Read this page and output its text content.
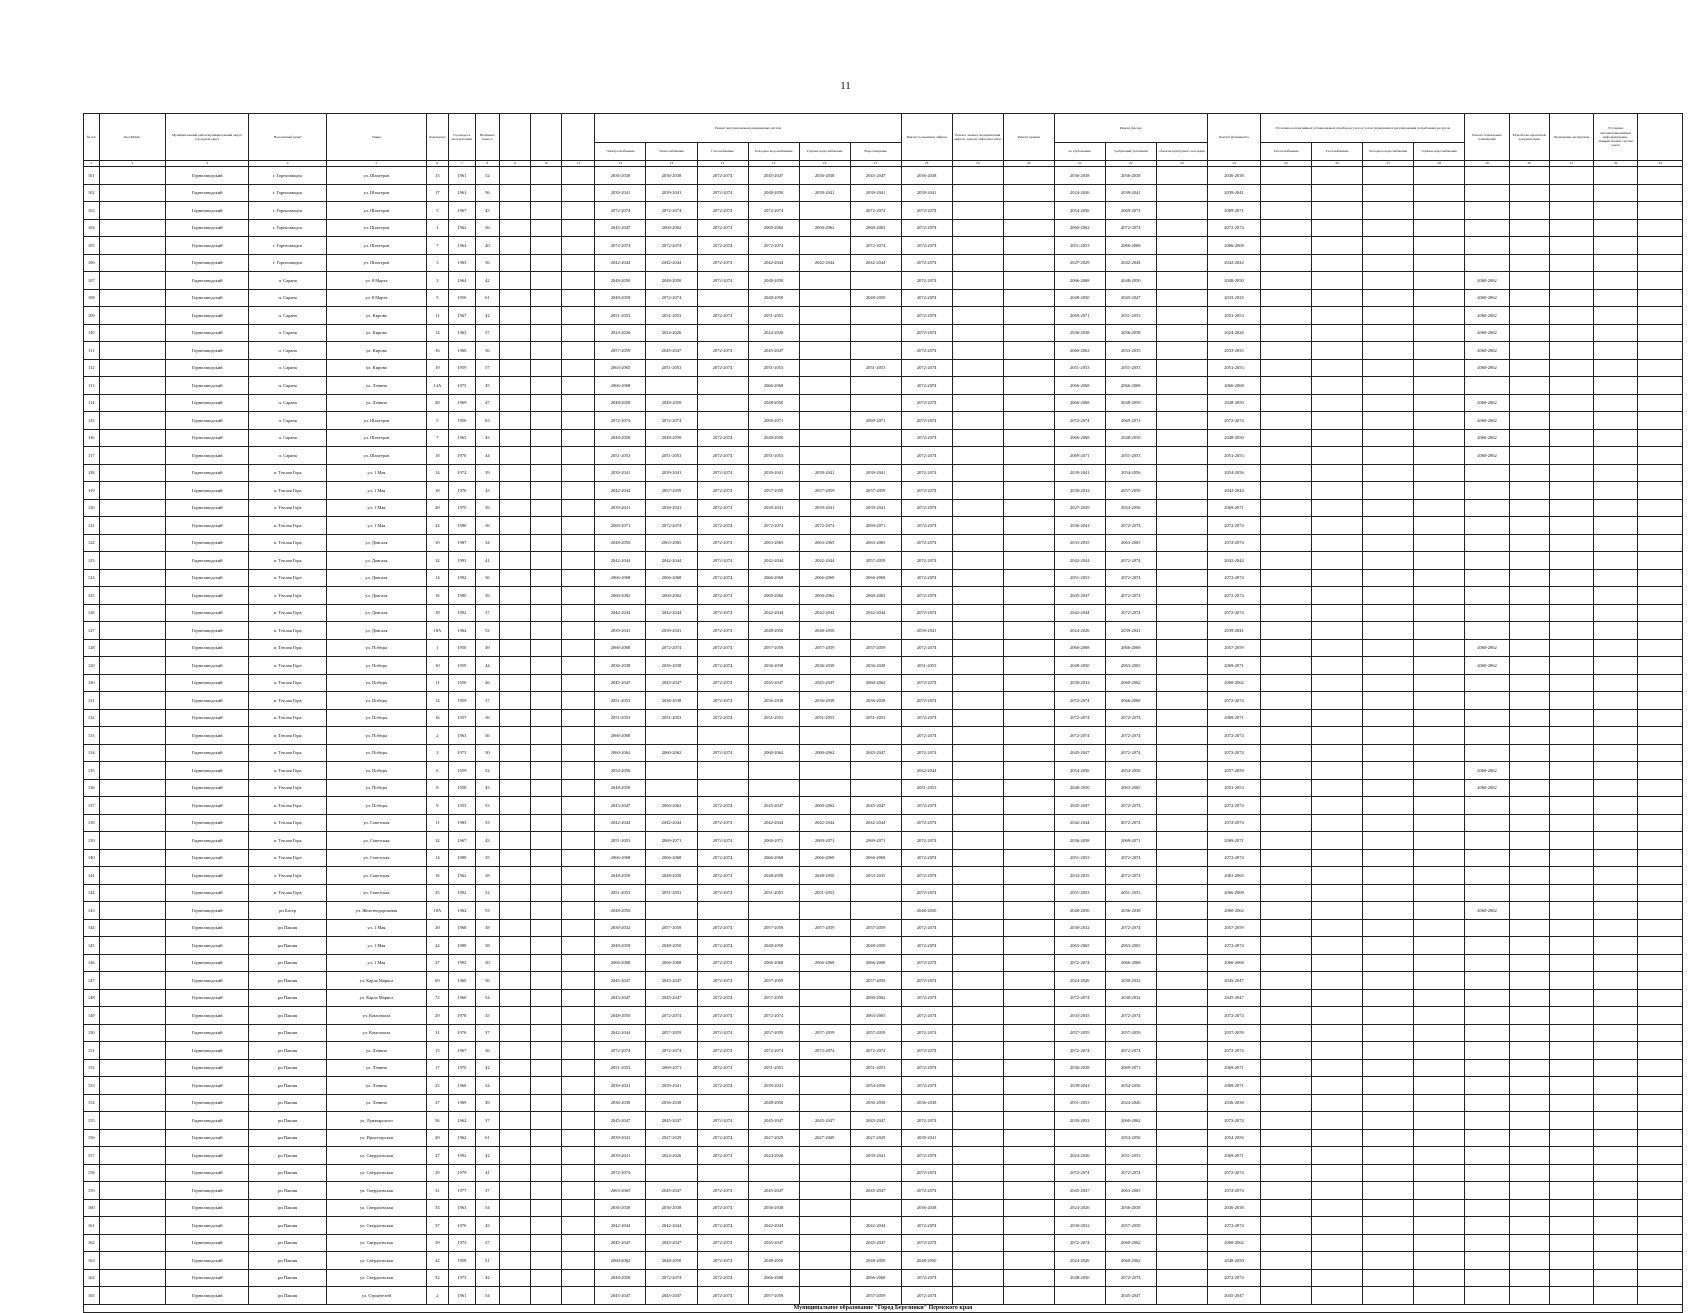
11
№ п/п	Код ФИАС	Муниципальный район/муниципальный округ/городской округ	Населенный пункт	Улица	Дом/корпус	Год ввода в эксплуатацию	Величина износа				Ремонт внутридомовых инженерных систем						Ремонт подъемных лифтов	Ремонт, замена, модернизация лифтов, ремонт лифтовых шахт	Ремонт крыши	Ремонт фасада			Ремонт фундамента	Установка коллективных (общедомовых) приборов учета и узлов управления и регулирования потребления ресурсов				Ремонт подвальных помещений	Разработка проектной документации	Проведение экспертизы	Установка автоматизированных информационно-измерительных систем учета	
											Электроснабжение	Теплоснабжение	Газоснабжение	Холодное водоснабжение	Горячее водоснабжение	Водоотведение				по требованию	требующий утепления	объекты культурного наследия		Теплоснабжение	Газоснабжение	Холодное водоснабжение	Горячее водоснабжение					
1	2	3	4	5	6	7	8	9	10	11	12	13	14	15	16	17	18	19	20	21	22	23	24	25	26	27	28	29	30	31	32	33
101		Горнозаводский	г. Горнозаводск	ул. Шахтеров	15	1961	52				2036-2038	2036-2038	2072-2074	2045-2047	2036-2038	2045-2047	2036-2038			2036-2038	2036-2038		2036-2038									
102		Горнозаводский	г. Горнозаводск	ул. Шахтеров	17	1961	56				2039-2041	2039-2041	2072-2074	2048-2050	2039-2041	2039-2041	2039-2041			2024-2026	2039-2041		2039-2041									
103		Горнозаводский	г. Горнозаводск	ул. Шахтеров	5	1967	45				2072-2074	2072-2074	2072-2074	2072-2074		2072-2074	2072-2074			2054-2056	2069-2071		2069-2071									
104		Горнозаводский	г. Горнозаводск	ул. Шахтеров	1	1962	36				2045-2047	2060-2062	2072-2074	2060-2062	2060-2062	2060-2062	2072-2074			2060-2062	2072-2074		2072-2074									
105		Горнозаводский	г. Горнозаводск	ул. Шахтеров	7	1964	40				2072-2074	2072-2074	2072-2074	2072-2074		2072-2074	2072-2074			2051-2053	2066-2068		2066-2068									
106		Горнозаводский	г. Горнозаводск	ул. Шахтеров	3	1963	56				2042-2044	2042-2044	2072-2074	2042-2044	2042-2044	2042-2044	2072-2074			2027-2029	2042-2044		2042-2044									
107		Горнозаводский	п. Сарана	ул. 8 Марта	3	1964	42				2048-2050	2048-2050	2072-2074	2048-2050			2072-2074			2066-2068	2048-2050		2048-2050					2060-2062				
108		Горнозаводский	п. Сарана	ул. 8 Марта	5	1956	61				2048-2050	2072-2074		2048-2050		2048-2050	2072-2074			2048-2050	2045-2047		2033-2035					2060-2062				
109		Горнозаводский	п. Сарана	ул. Кирова	11	1967	42				2051-2053	2051-2053	2072-2074	2051-2053			2072-2074			2069-2071	2051-2053		2051-2053					2060-2062				
110		Горнозаводский	п. Сарана	ул. Кирова	14	1963	57				2024-2026	2024-2026		2024-2026			2072-2074			2036-2038	2036-2038		2024-2026					2060-2062				
111		Горнозаводский	п. Сарана	ул. Кирова	16	1960	56				2057-2059	2045-2047	2072-2074	2045-2047			2072-2074			2060-2062	2033-2035		2033-2035					2060-2062				
112		Горнозаводский	п. Сарана	ул. Кирова	19	1959	57				2063-2065	2051-2053	2072-2074	2051-2053		2051-2053	2072-2074			2051-2053	2051-2053		2051-2053					2060-2062				
113		Горнозаводский	п. Сарана	ул. Ленина	14А	1975	45				2066-2068			2066-2068			2072-2074			2066-2068	2066-2068		2066-2068									
114		Горнозаводский	п. Сарана	ул. Ленина	20	1969	47				2048-2050	2048-2050		2048-2050			2072-2074			2066-2068	2048-2050		2048-2050					2060-2062				
115		Горнозаводский	п. Сарана	ул. Шахтеров	5	1956	63				2072-2074	2072-2074		2069-2071		2069-2071	2072-2074			2072-2074	2069-2071		2072-2074					2060-2062				
116		Горнозаводский	п. Сарана	ул. Шахтеров	7	1965	43				2048-2050	2048-2050	2072-2074	2048-2050			2072-2074			2066-2068	2048-2050		2048-2050					2060-2062				
117		Горнозаводский	п. Сарана	ул. Шахтеров	18	1970	44				2051-2053	2051-2053	2072-2074	2051-2053			2072-2074			2069-2071	2051-2053		2051-2053					2060-2062				
118		Горнозаводский	п. Теплая Гора	ул. 1 Мая	14	1972	39				2039-2041	2039-2041	2072-2074	2039-2041	2039-2041	2039-2041	2072-2074			2039-2041	2054-2056		2054-2056									
119		Горнозаводский	п. Теплая Гора	ул. 1 Мая	18	1976	43				2042-2044	2057-2059	2072-2074	2057-2059	2057-2059	2057-2059	2072-2074			2030-2032	2057-2059		2042-2044									
120		Горнозаводский	п. Теплая Гора	ул. 1 Мая	20	1979	39				2039-2041	2039-2041	2072-2074	2039-2041	2039-2041	2039-2041	2072-2074			2027-2029	2054-2056		2069-2071									
121		Горнозаводский	п. Теплая Гора	ул. 1 Мая	24	1990	36				2069-2071	2072-2074	2072-2074	2072-2074	2072-2074	2069-2071	2072-2074			2036-2041	2072-2074		2072-2074									
122		Горнозаводский	п. Теплая Гора	ул. Довгаля	10	1987	34				2048-2050	2063-2065	2072-2074	2063-2065	2063-2065	2063-2065	2072-2074			2033-2035	2063-2065		2072-2074									
123		Горнозаводский	п. Теплая Гора	ул. Довгаля	12	1993	41				2042-2044	2042-2044	2072-2074	2042-2044	2042-2044	2057-2059	2072-2074			2042-2044	2072-2074		2042-2044									
124		Горнозаводский	п. Теплая Гора	ул. Довгаля	14	1992	36				2066-2068	2066-2068	2072-2074	2066-2068	2066-2068	2066-2068	2072-2074			2051-2053	2072-2074		2072-2074									
125		Горнозаводский	п. Теплая Гора	ул. Довгаля	16	1989	39				2060-2062	2060-2062	2072-2074	2060-2062	2060-2062	2060-2062	2072-2074			2045-2047	2072-2074		2072-2074									
126		Горнозаводский	п. Теплая Гора	ул. Довгаля	18	1992	37				2042-2044	2042-2044	2072-2074	2042-2044	2042-2044	2042-2044	2072-2074			2042-2044	2072-2074		2072-2074									
127		Горнозаводский	п. Теплая Гора	ул. Довгаля	18А	1964	52				2039-2041	2039-2041	2072-2074	2048-2050	2048-2050		2039-2041			2024-2026	2039-2041		2039-2041									
128		Горнозаводский	п. Теплая Гора	ул. Победы	1	1950	49				2066-2068	2072-2074	2072-2074	2057-2059	2057-2059	2057-2059	2072-2074			2066-2068	2066-2068		2057-2059					2060-2062				
129		Горнозаводский	п. Теплая Гора	ул. Победы	10	1959	44				2036-2038	2036-2038	2072-2074	2036-2038	2036-2038	2036-2038	2051-2053			2048-2050	2063-2065		2069-2071					2060-2062				
130		Горнозаводский	п. Теплая Гора	ул. Победы	11	1956	26				2045-2047	2045-2047	2072-2074	2045-2047	2045-2047	2060-2062	2072-2074			2030-2032	2060-2062		2060-2062									
131		Горнозаводский	п. Теплая Гора	ул. Победы	14	1959	37				2051-2053	2036-2038	2072-2074	2036-2038	2036-2038	2036-2038	2072-2074			2072-2074	2066-2068		2072-2074									
132		Горнозаводский	п. Теплая Гора	ул. Победы	16	1957	36				2051-2053	2051-2053	2072-2074	2051-2053	2051-2053	2051-2053	2072-2074			2072-2074	2072-2074		2069-2071									
133		Горнозаводский	п. Теплая Гора	ул. Победы	2	1963	36				2066-2068						2072-2074			2072-2074	2072-2074		2072-2074									
134		Горнозаводский	п. Теплая Гора	ул. Победы	3	1973	30				2060-2062	2060-2062	2072-2074	2060-2062	2060-2062	2045-2047	2072-2074			2045-2047	2072-2074		2072-2074									
135		Горнозаводский	п. Теплая Гора	ул. Победы	6	1959	52				2054-2056						2042-2044			2054-2056	2054-2056		2057-2059					2060-2062				
136		Горнозаводский	п. Теплая Гора	ул. Победы	8	1958	45				2048-2050						2051-2053			2048-2050	2063-2065		2051-2053					2060-2062				
137		Горнозаводский	п. Теплая Гора	ул. Победы	9	1953	33				2045-2047	2060-2062	2072-2074	2045-2047	2060-2062	2045-2047	2072-2074			2045-2047	2072-2074		2072-2074									
138		Горнозаводский	п. Теплая Гора	ул. Советская	11	1983	33				2042-2044	2042-2044	2072-2074	2042-2044	2042-2044	2042-2044	2072-2074			2042-2044	2072-2074		2072-2074									
139		Горнозаводский	п. Теплая Гора	ул. Советская	12	1967	43				2051-2053	2069-2071	2072-2074	2069-2071	2069-2071	2069-2071	2072-2074			2036-2038	2069-2071		2069-2071									
140		Горнозаводский	п. Теплая Гора	ул. Советская	14	1988	35				2066-2068	2066-2068	2072-2074	2066-2068	2066-2068	2066-2068	2072-2074			2051-2053	2072-2074		2072-2074									
141		Горнозаводский	п. Теплая Гора	ул. Советская	16	1962	38				2048-2050	2048-2050	2072-2074	2048-2050	2048-2050	2033-2035	2072-2074			2033-2035	2072-2074		2063-2065									
142		Горнозаводский	п. Теплая Гора	ул. Советская	35	1992	32				2051-2053	2051-2053	2072-2074	2051-2053	2051-2053		2072-2074			2051-2053	2051-2053		2066-2068									
143		Горнозаводский	рп Бисер	ул. Железнодорожная	10А	1962	53				2048-2050						2048-2050			2048-2050	2036-2038		2060-2062					2060-2062				
144		Горнозаводский	рп Пашия	ул. 1 Мая	20	1968	38				2030-2032	2057-2059	2072-2074	2057-2059	2057-2059	2057-2059	2072-2074			2030-2032	2072-2074		2057-2059									
145		Горнозаводский	рп Пашия	ул. 1 Мая	24	1988	38				2048-2050	2048-2050	2072-2074	2048-2050		2048-2050	2072-2074			2063-2065	2063-2065		2072-2074									
146		Горнозаводский	рп Пашия	ул. 1 Мая	27	1995	30				2066-2068	2066-2068	2072-2074	2066-2068	2066-2068	2066-2068	2072-2074			2072-2074	2066-2068		2066-2068									
147		Горнозаводский	рп Пашия	ул. Карла Маркса	69	1960	36				2045-2047	2045-2047	2072-2074	2057-2059		2057-2059	2072-2074			2024-2026	2030-2032		2045-2047									
148		Горнозаводский	рп Пашия	ул. Карла Маркса	72	1960	54				2045-2047	2045-2047	2072-2074	2057-2059		2060-2062	2072-2074			2072-2074	2030-2032		2045-2047									
149		Горнозаводский	рп Пашия	ул. Комсомола	29	1978	35				2048-2050	2072-2074	2072-2074	2072-2074		2063-2065	2072-2074			2033-2035	2072-2074		2072-2074									
150		Горнозаводский	рп Пашия	ул. Комсомола	31	1976	37				2042-2044	2057-2059	2072-2074	2057-2059	2057-2059	2057-2059	2072-2074			2057-2059	2057-2059		2057-2059									
151		Горнозаводский	рп Пашия	ул. Ленина	15	1967	36				2072-2074	2072-2074	2072-2074	2072-2074	2072-2074	2072-2074	2072-2074			2072-2074	2072-2074		2072-2074									
152		Горнозаводский	рп Пашия	ул. Ленина	17	1970	42				2051-2053	2069-2071	2072-2074	2051-2053		2051-2053	2072-2074			2036-2038	2069-2071		2069-2071									
153		Горнозаводский	рп Пашия	ул. Ленина	25	1968	34				2039-2041	2039-2041	2072-2074	2039-2041		2054-2056	2072-2074			2039-2041	2054-2056		2069-2071									
154		Горнозаводский	рп Пашия	ул. Ленина	27	1969	49				2036-2038	2036-2038		2048-2050		2036-2038	2036-2038			2051-2053	2024-2026		2036-2038									
155		Горнозаводский	рп Пашия	ул. Луначарского	36	1962	37				2045-2047	2045-2047	2072-2074	2045-2047	2045-2047	2045-2047	2072-2074			2030-2032	2060-2062		2072-2074									
156		Горнозаводский	рп Пашия	ул. Пролетарская	20	1962	61				2039-2041	2027-2029	2072-2074	2027-2029	2027-2029	2027-2029	2039-2041				2054-2056		2054-2056									
157		Горнозаводский	рп Пашия	ул. Свердловская	27	1992	42				2039-2041	2024-2026	2072-2074	2024-2026		2039-2041	2072-2074			2024-2026	2051-2053		2069-2071									
158		Горнозаводский	рп Пашия	ул. Свердловская	29	1979	41				2072-2074						2072-2074			2072-2074	2072-2074		2072-2074									
159		Горнозаводский	рп Пашия	ул. Свердловская	31	1977	37				2063-2065	2045-2047	2072-2074	2045-2047		2045-2047	2072-2074			2045-2047	2063-2065		2072-2074									
160		Горнозаводский	рп Пашия	ул. Свердловская	33	1963	54				2036-2038	2036-2038	2072-2074	2036-2038			2036-2038			2024-2026	2036-2038		2036-2038									
161		Горнозаводский	рп Пашия	ул. Свердловская	37	1976	43				2042-2044	2042-2044	2072-2074	2042-2044		2042-2044	2072-2074			2030-2032	2057-2059		2072-2074									
162		Горнозаводский	рп Пашия	ул. Свердловская	39	1973	37				2045-2047	2045-2047	2072-2074	2045-2047		2045-2047	2072-2074			2072-2074	2060-2062		2060-2062									
163		Горнозаводский	рп Пашия	ул. Свердловская	42	1958	51				2060-2062	2048-2050	2072-2074	2048-2050		2048-2050	2048-2050			2024-2026	2060-2062		2048-2050									
164		Горнозаводский	рп Пашия	ул. Свердловская	52	1973	42				2048-2050	2072-2074	2072-2074	2066-2068		2066-2068	2072-2074			2048-2050	2072-2074		2072-2074									
165		Горнозаводский	рп Пашия	ул. Строителей	2	1961	54				2045-2047	2045-2047	2072-2074	2057-2059		2057-2059	2072-2074				2045-2047		2045-2047									
Муниципальное образование "Город Березники" Пермского края																																
